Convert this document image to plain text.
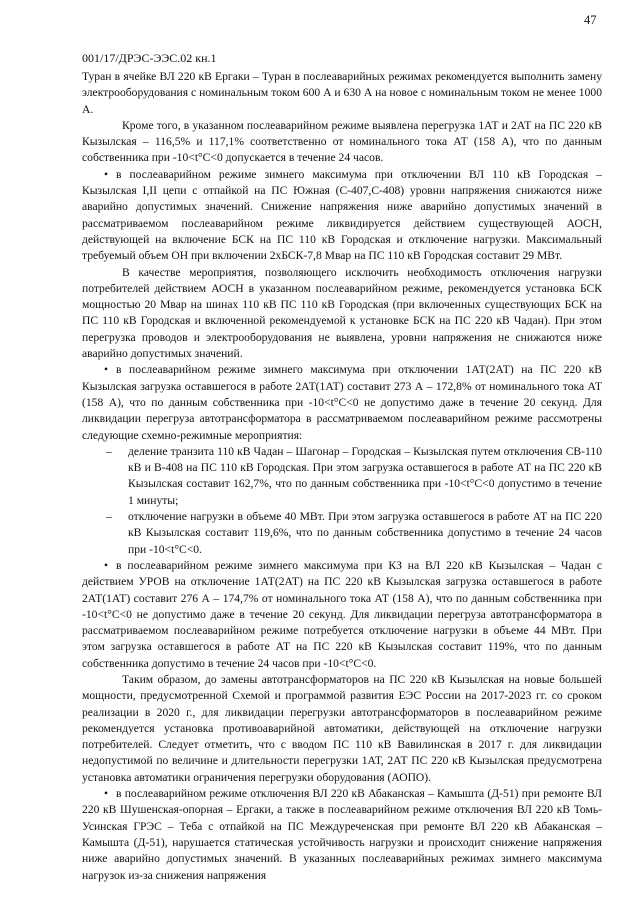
47
001/17/ДРЭС-ЭЭС.02 кн.1

Туран в ячейке ВЛ 220 кВ Ергаки – Туран в послеаварийных режимах рекомендуется выполнить замену электрооборудования с номинальным током 600 А и 630 А на новое с номинальным током не менее 1000 А.

Кроме того, в указанном послеаварийном режиме выявлена перегрузка 1АТ и 2АТ на ПС 220 кВ Кызылская – 116,5% и 117,1% соответственно от номинального тока АТ (158 А), что по данным собственника при -10<t°C<0 допускается в течение 24 часов.

• в послеаварийном режиме зимнего максимума при отключении ВЛ 110 кВ Городская – Кызылская I,II цепи с отпайкой на ПС Южная (С-407,С-408) уровни напряжения снижаются ниже аварийно допустимых значений. Снижение напряжения ниже аварийно допустимых значений в рассматриваемом послеаварийном режиме ликвидируется действием существующей АОСН, действующей на включение БСК на ПС 110 кВ Городская и отключение нагрузки. Максимальный требуемый объем ОН при включении 2хБСК-7,8 Мвар на ПС 110 кВ Городская составит 29 МВт.

В качестве мероприятия, позволяющего исключить необходимость отключения нагрузки потребителей действием АОСН в указанном послеаварийном режиме, рекомендуется установка БСК мощностью 20 Мвар на шинах 110 кВ ПС 110 кВ Городская (при включенных существующих БСК на ПС 110 кВ Городская и включенной рекомендуемой к установке БСК на ПС 220 кВ Чадан). При этом перегрузка проводов и электрооборудования не выявлена, уровни напряжения не снижаются ниже аварийно допустимых значений.

• в послеаварийном режиме зимнего максимума при отключении 1АТ(2АТ) на ПС 220 кВ Кызылская загрузка оставшегося в работе 2АТ(1АТ) составит 273 А – 172,8% от номинального тока АТ (158 А), что по данным собственника при -10<t°C<0 не допустимо даже в течение 20 секунд. Для ликвидации перегруза автотрансформатора в рассматриваемом послеаварийном режиме рассмотрены следующие схемно-режимные мероприятия:

– деление транзита 110 кВ Чадан – Шагонар – Городская – Кызылская путем отключения СВ-110 кВ и В-408 на ПС 110 кВ Городская. При этом загрузка оставшегося в работе АТ на ПС 220 кВ Кызылская составит 162,7%, что по данным собственника при -10<t°C<0 допустимо в течение 1 минуты;
– отключение нагрузки в объеме 40 МВт. При этом загрузка оставшегося в работе АТ на ПС 220 кВ Кызылская составит 119,6%, что по данным собственника допустимо в течение 24 часов при -10<t°C<0.

• в послеаварийном режиме зимнего максимума при КЗ на ВЛ 220 кВ Кызылская – Чадан с действием УРОВ на отключение 1АТ(2АТ) на ПС 220 кВ Кызылская загрузка оставшегося в работе 2АТ(1АТ) составит 276 А – 174,7% от номинального тока АТ (158 А), что по данным собственника при -10<t°C<0 не допустимо даже в течение 20 секунд. Для ликвидации перегруза автотрансформатора в рассматриваемом послеаварийном режиме потребуется отключение нагрузки в объеме 44 МВт. При этом загрузка оставшегося в работе АТ на ПС 220 кВ Кызылская составит 119%, что по данным собственника допустимо в течение 24 часов при -10<t°C<0.

Таким образом, до замены автотрансформаторов на ПС 220 кВ Кызылская на новые большей мощности, предусмотренной Схемой и программой развития ЕЭС России на 2017-2023 гг. со сроком реализации в 2020 г., для ликвидации перегрузки автотрансформаторов в послеаварийном режиме рекомендуется установка противоаварийной автоматики, действующей на отключение нагрузки потребителей. Следует отметить, что с вводом ПС 110 кВ Вавилинская в 2017 г. для ликвидации недопустимой по величине и длительности перегрузки 1АТ, 2АТ ПС 220 кВ Кызылская предусмотрена установка автоматики ограничения перегрузки оборудования (АОПО).

• в послеаварийном режиме отключения ВЛ 220 кВ Абаканская – Камышта (Д-51) при ремонте ВЛ 220 кВ Шушенская-опорная – Ергаки, а также в послеаварийном режиме отключения ВЛ 220 кВ Томь-Усинская ГРЭС – Теба с отпайкой на ПС Междуреченская при ремонте ВЛ 220 кВ Абаканская – Камышта (Д-51), нарушается статическая устойчивость нагрузки и происходит снижение напряжения ниже аварийно допустимых значений. В указанных послеаварийных режимах зимнего максимума нагрузок из-за снижения напряжения
